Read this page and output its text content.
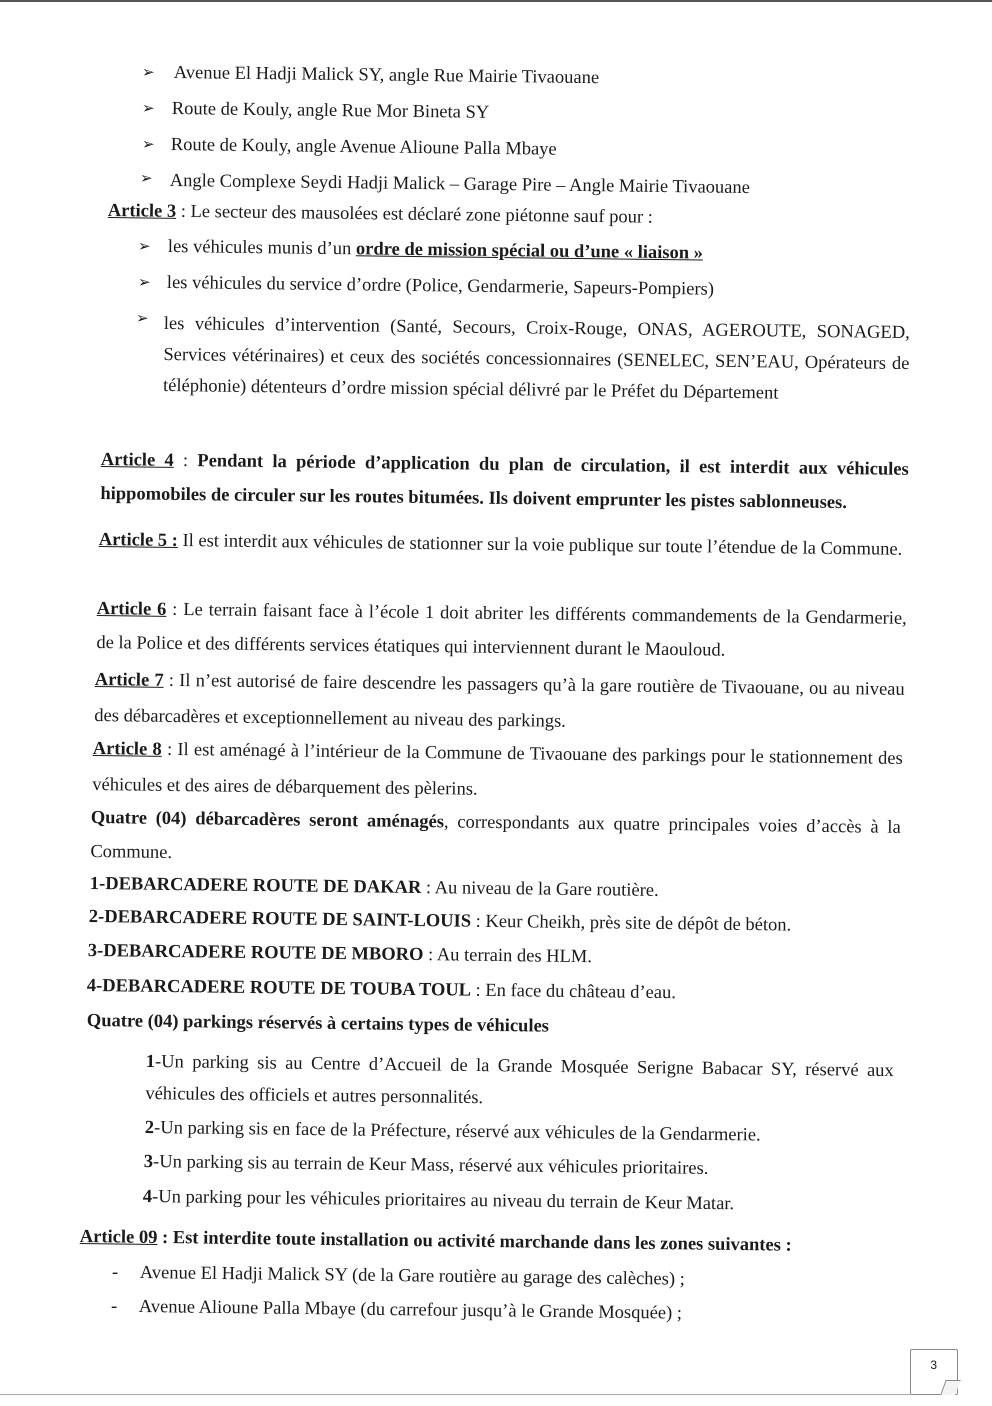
➢
Avenue El Hadji Malick SY, angle Rue Mairie Tivaouane
➢
Route de Kouly, angle Rue Mor Bineta SY
➢
Route de Kouly, angle Avenue Alioune Palla Mbaye
➢
Angle Complexe Seydi Hadji Malick – Garage Pire – Angle Mairie Tivaouane
Article 3 : Le secteur des mausolées est déclaré zone piétonne sauf pour :
➢
les véhicules munis d’un ordre de mission spécial ou d’une « liaison »
➢
les véhicules du service d’ordre (Police, Gendarmerie, Sapeurs-Pompiers)
➢
les véhicules d’intervention (Santé, Secours, Croix-Rouge, ONAS, AGEROUTE, SONAGED, Services vétérinaires) et ceux des sociétés concessionnaires (SENELEC, SEN’EAU, Opérateurs de téléphonie) détenteurs d’ordre mission spécial délivré par le Préfet du Département
Article 4 : Pendant la période d’application du plan de circulation, il est interdit aux véhicules hippomobiles de circuler sur les routes bitumées. Ils doivent emprunter les pistes sablonneuses.
Article 5 : Il est interdit aux véhicules de stationner sur la voie publique sur toute l’étendue de la Commune.
Article 6 : Le terrain faisant face à l’école 1 doit abriter les différents commandements de la Gendarmerie, de la Police et des différents services étatiques qui interviennent durant le Maouloud.
Article 7 : Il n’est autorisé de faire descendre les passagers qu’à la gare routière de Tivaouane, ou au niveau des débarcadères et exceptionnellement au niveau des parkings.
Article 8 : Il est aménagé à l’intérieur de la Commune de Tivaouane des parkings pour le stationnement des véhicules et des aires de débarquement des pèlerins.
Quatre (04) débarcadères seront aménagés, correspondants aux quatre principales voies d’accès à la Commune.
1-DEBARCADERE ROUTE DE DAKAR : Au niveau de la Gare routière.
2-DEBARCADERE ROUTE DE SAINT-LOUIS : Keur Cheikh, près site de dépôt de béton.
3-DEBARCADERE ROUTE DE MBORO : Au terrain des HLM.
4-DEBARCADERE ROUTE DE TOUBA TOUL : En face du château d’eau.
Quatre (04) parkings réservés à certains types de véhicules
1-Un parking sis au Centre d’Accueil de la Grande Mosquée Serigne Babacar SY, réservé aux véhicules des officiels et autres personnalités.
2-Un parking sis en face de la Préfecture, réservé aux véhicules de la Gendarmerie.
3-Un parking sis au terrain de Keur Mass, réservé aux véhicules prioritaires.
4-Un parking pour les véhicules prioritaires au niveau du terrain de Keur Matar.
Article 09 : Est interdite toute installation ou activité marchande dans les zones suivantes :
- Avenue El Hadji Malick SY (de la Gare routière au garage des calèches) ;
- Avenue Alioune Palla Mbaye (du carrefour jusqu’à le Grande Mosquée) ;
3
